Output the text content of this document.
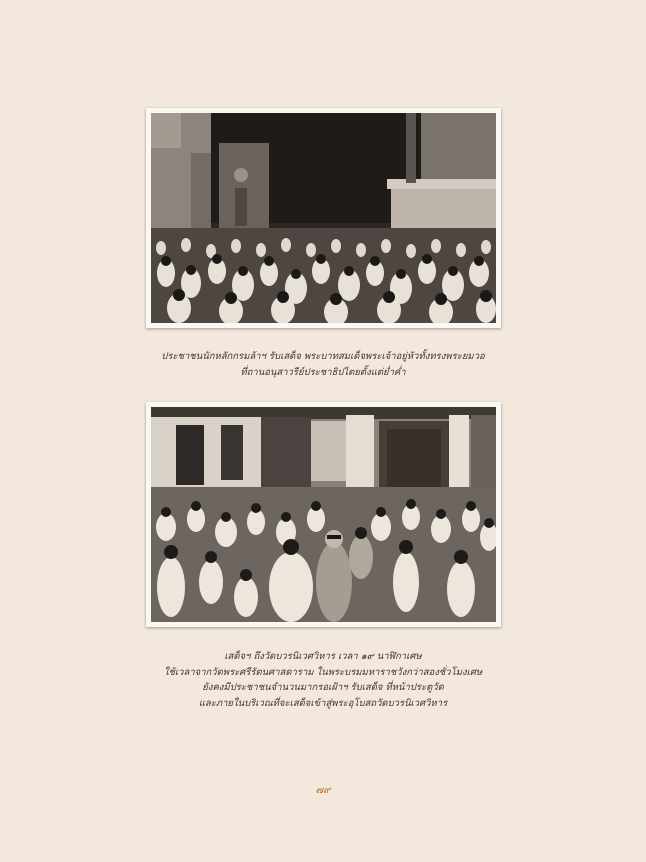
ประชาชนนักหลักกรมล้าฯ รับเสด็จ พระบาทสมเด็จพระเจ้าอยู่หัวทั้งทรงพระยมวอ
ที่ถานอนุสาวรีย์ประชาธิปไตยตั้งแต่ย่ำค่ำ

เสด็จฯ ถึงวัดบวรนิเวศวิหาร เวลา ๑๙ นาฬิกาเศษ
ใช้เวลาจากวัดพระศรีรัตนศาสดาราม ในพระบรมมหาราชวังกว่าสองชั่วโมงเศษ
ยังคงมีประชาชนจำนวนมากรอเฝ้าฯ รับเสด็จ ที่หน้าประตูวัด
และภายในบริเวณที่จะเสด็จเข้าสู่พระอุโบสถวัดบวรนิเวศวิหาร

๗๙
